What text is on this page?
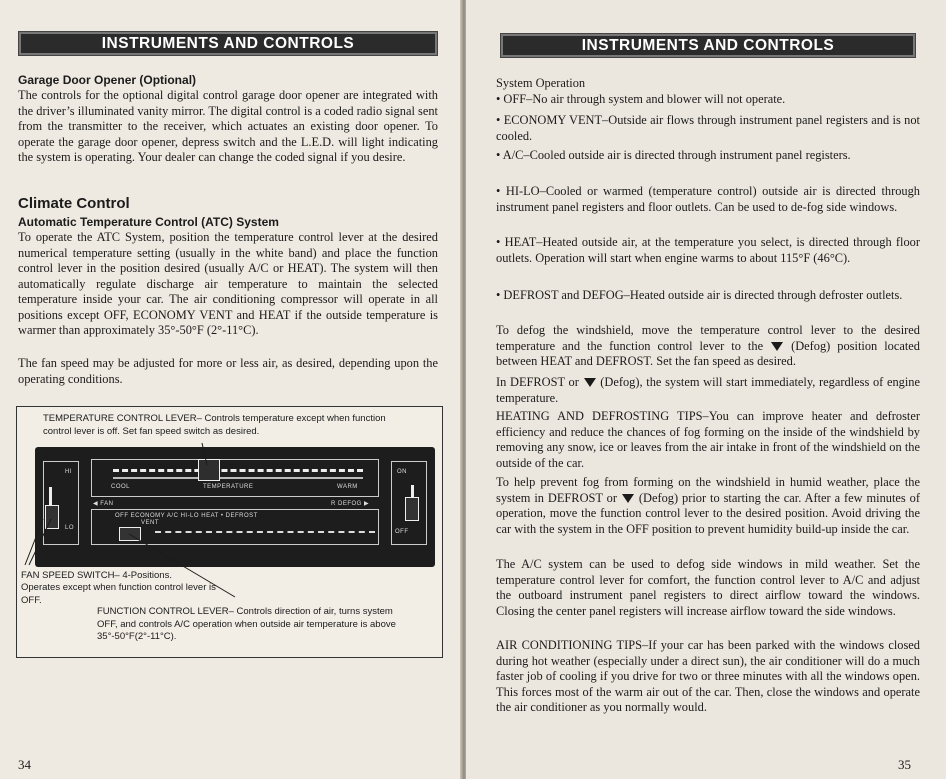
INSTRUMENTS AND CONTROLS
Garage Door Opener (Optional)
The controls for the optional digital control garage door opener are integrated with the driver’s illuminated vanity mirror. The digital control is a coded radio signal sent from the transmitter to the receiver, which actuates an existing door opener. To operate the garage door opener, depress switch and the L.E.D. will light indicating the system is operating. Your dealer can change the coded signal if you desire.
Climate Control
Automatic Temperature Control (ATC) System
To operate the ATC System, position the temperature control lever at the desired numerical temperature setting (usually in the white band) and place the function control lever in the position desired (usually A/C or HEAT). The system will then automatically regulate discharge air temperature to maintain the selected temperature inside your car. The air conditioning compressor will operate in all positions except OFF, ECONOMY VENT and HEAT if the outside temperature is warmer than approximately 35°-50°F (2°-11°C).
The fan speed may be adjusted for more or less air, as desired, depending upon the operating conditions.
TEMPERATURE CONTROL LEVER– Controls temperature except when function control lever is off. Set fan speed switch as desired.
HI
LO
ON
OFF
COOL	TEMPERATURE	WARM
◀ FAN	R DEFOG ▶
OFF ECONOMY A/C HI-LO HEAT • DEFROST
VENT
FAN SPEED SWITCH– 4-Positions.
Operates except when function control lever is OFF.
FUNCTION CONTROL LEVER– Controls direction of air, turns system OFF, and controls A/C operation when outside air temperature is above 35°-50°F(2°-11°C).
34
INSTRUMENTS AND CONTROLS
System Operation
• OFF–No air through system and blower will not operate.
• ECONOMY VENT–Outside air flows through instrument panel registers and is not cooled.
• A/C–Cooled outside air is directed through instrument panel registers.
• HI-LO–Cooled or warmed (temperature control) outside air is directed through instrument panel registers and floor outlets. Can be used to de-fog side windows.
• HEAT–Heated outside air, at the temperature you select, is directed through floor outlets. Operation will start when engine warms to about 115°F (46°C).
• DEFROST and DEFOG–Heated outside air is directed through defroster outlets.
To defog the windshield, move the temperature control lever to the desired temperature and the function control lever to the (Defog) position located between HEAT and DEFROST. Set the fan speed as desired.
In DEFROST or (Defog), the system will start immediately, regardless of engine temperature.
HEATING AND DEFROSTING TIPS–You can improve heater and defroster efficiency and reduce the chances of fog forming on the inside of the windshield by removing any snow, ice or leaves from the air intake in front of the windshield on the outside of the car.
To help prevent fog from forming on the windshield in humid weather, place the system in DEFROST or (Defog) prior to starting the car. After a few minutes of operation, move the function control lever to the desired position. Avoid driving the car with the system in the OFF position to prevent humidity build-up inside the car.
The A/C system can be used to defog side windows in mild weather. Set the temperature control lever for comfort, the function control lever to A/C and adjust the outboard instrument panel registers to direct airflow toward the windows. Closing the center panel registers will increase airflow toward the side windows.
AIR CONDITIONING TIPS–If your car has been parked with the windows closed during hot weather (especially under a direct sun), the air conditioner will do a much faster job of cooling if you drive for two or three minutes with all the windows open. This forces most of the warm air out of the car. Then, close the windows and operate the air conditioner as you normally would.
35
